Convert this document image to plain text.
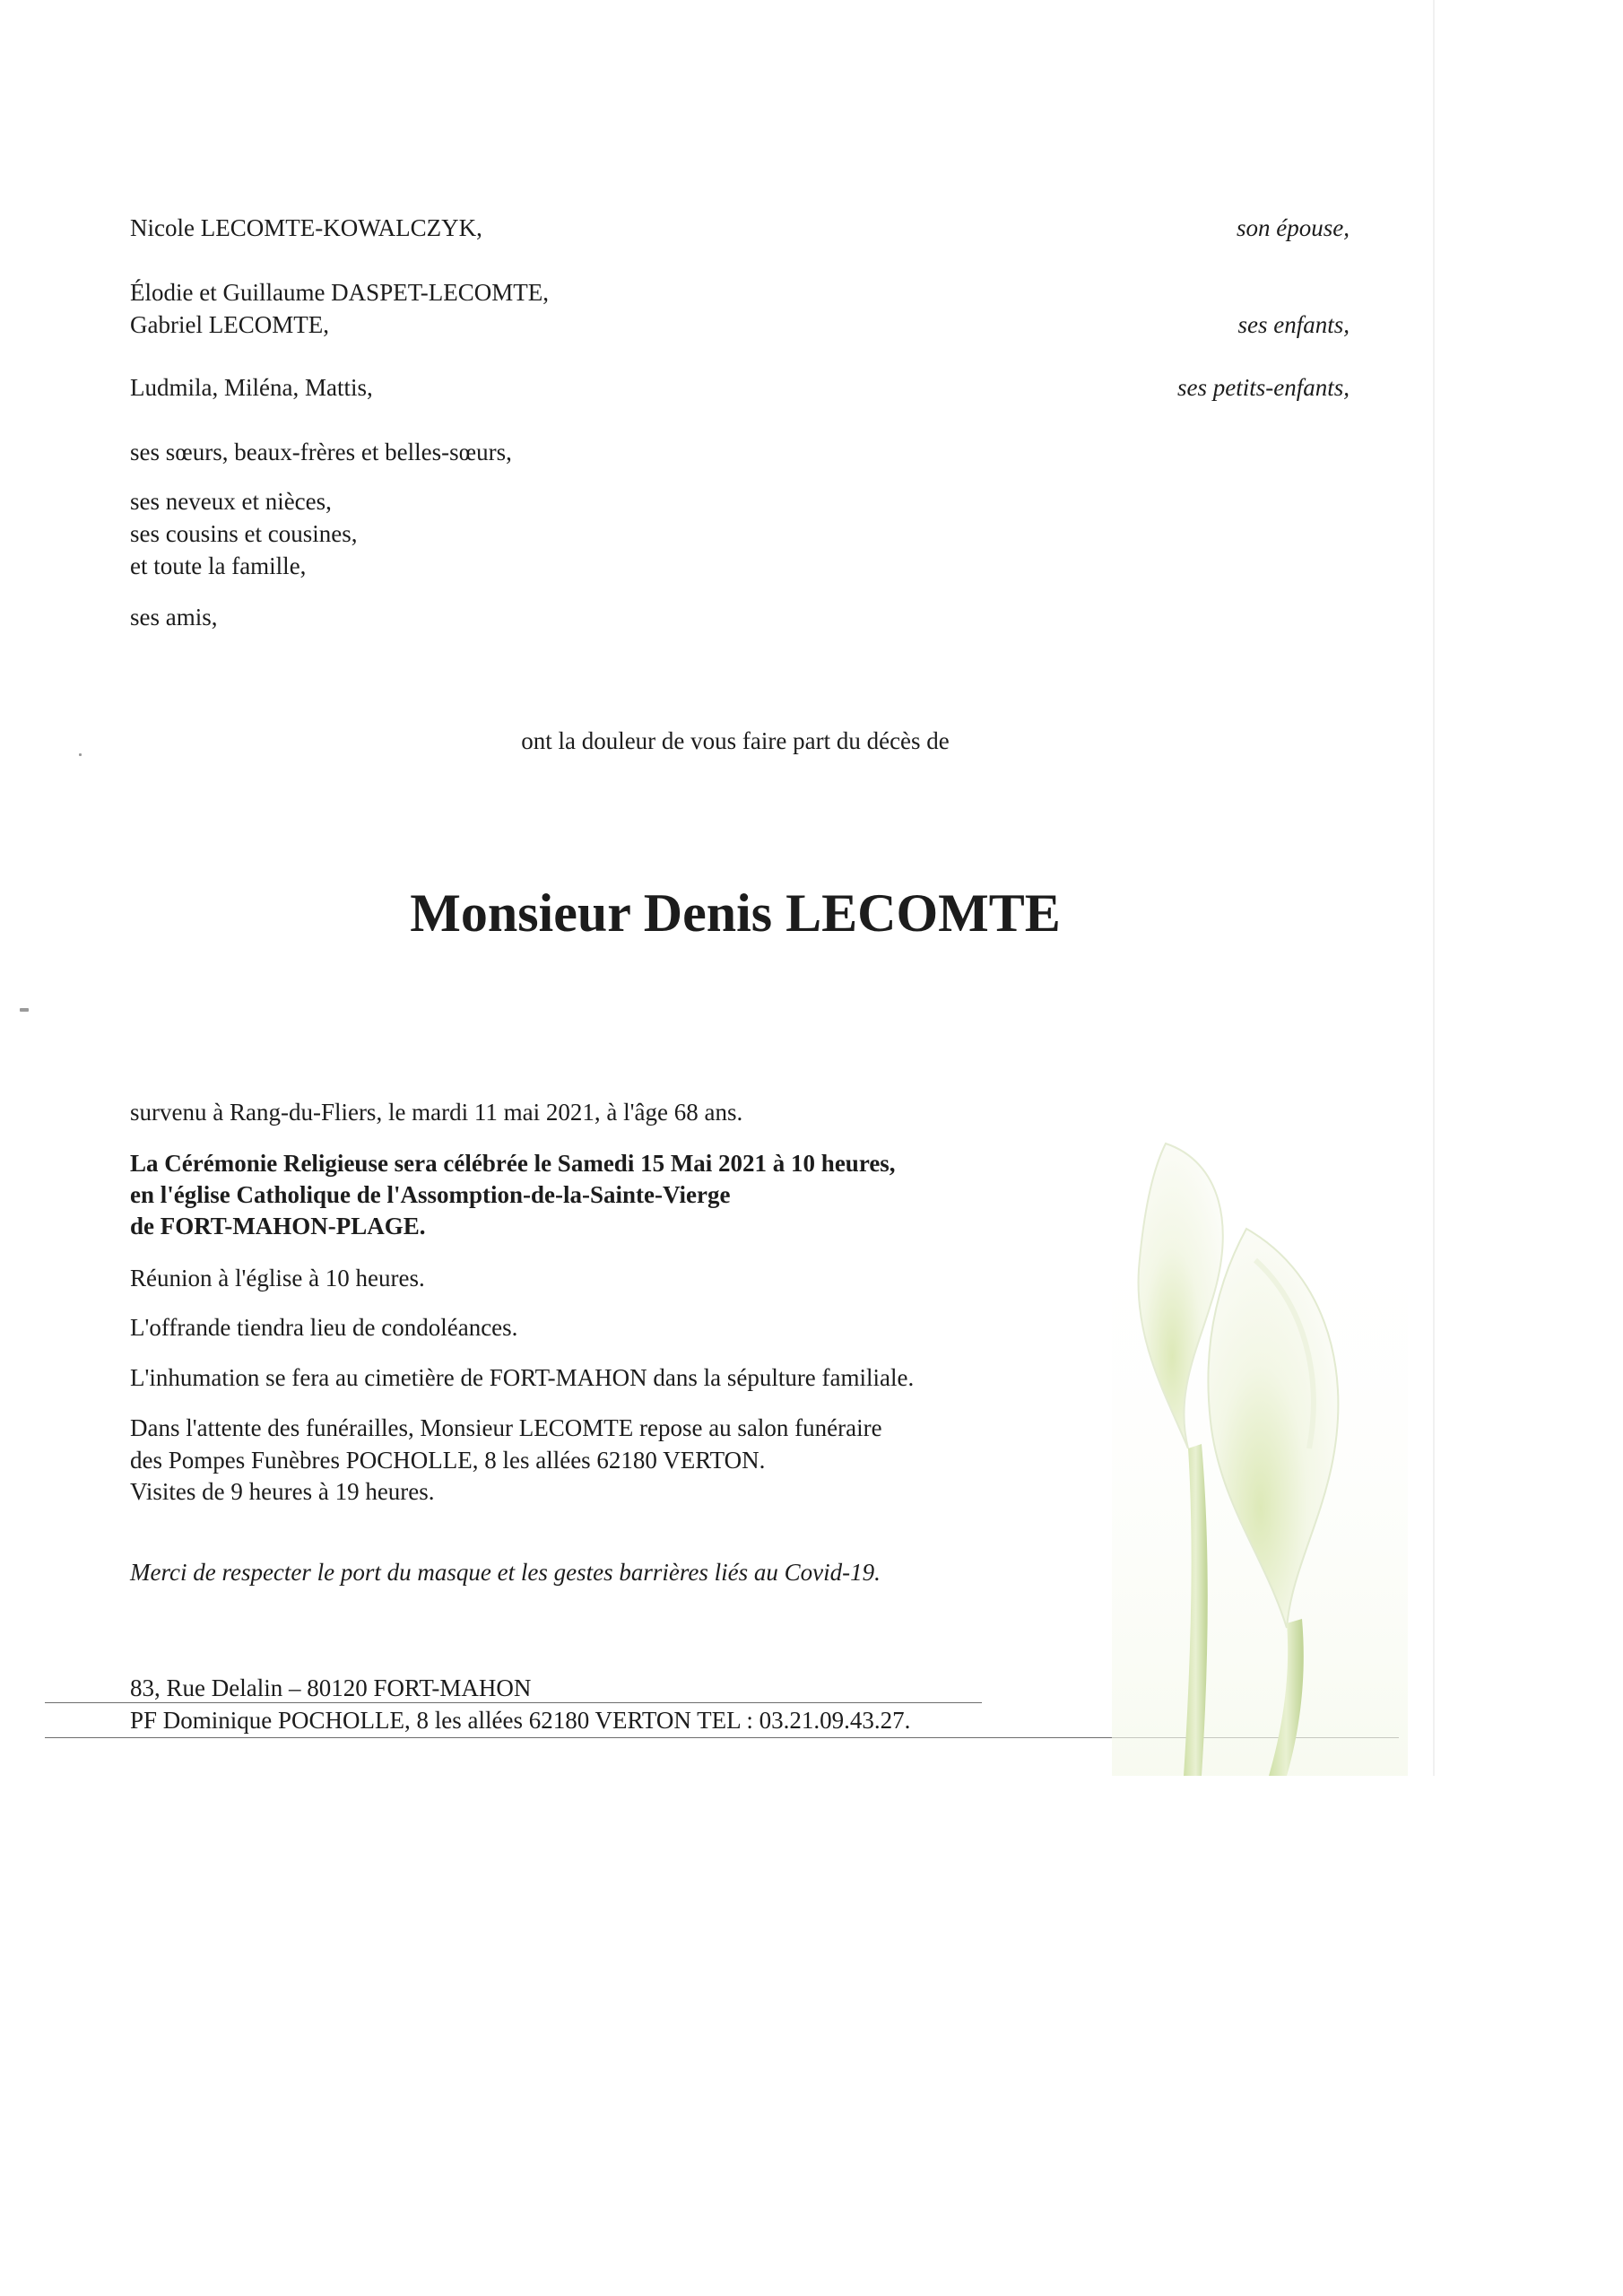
Nicole LECOMTE-KOWALCZYK,	son épouse,
Élodie et Guillaume DASPET-LECOMTE,
Gabriel LECOMTE,	ses enfants,
Ludmila, Miléna, Mattis,	ses petits-enfants,
ses sœurs, beaux-frères et belles-sœurs,
ses neveux et nièces,
ses cousins et cousines,
et toute la famille,
ses amis,
ont la douleur de vous faire part du décès de
Monsieur Denis LECOMTE
survenu à Rang-du-Fliers, le mardi 11 mai 2021, à l'âge 68 ans.
La Cérémonie Religieuse sera célébrée le Samedi 15 Mai 2021 à 10 heures,
en l'église Catholique de l'Assomption-de-la-Sainte-Vierge
de FORT-MAHON-PLAGE.
Réunion à l'église à 10 heures.
L'offrande tiendra lieu de condoléances.
L'inhumation se fera au cimetière de FORT-MAHON dans la sépulture familiale.
Dans l'attente des funérailles, Monsieur LECOMTE repose au salon funéraire
des Pompes Funèbres POCHOLLE, 8 les allées 62180 VERTON.
Visites de 9 heures à 19 heures.
Merci de respecter le port du masque et les gestes barrières liés au Covid-19.
83, Rue Delalin – 80120 FORT-MAHON
PF Dominique POCHOLLE, 8 les allées 62180 VERTON TEL : 03.21.09.43.27.
